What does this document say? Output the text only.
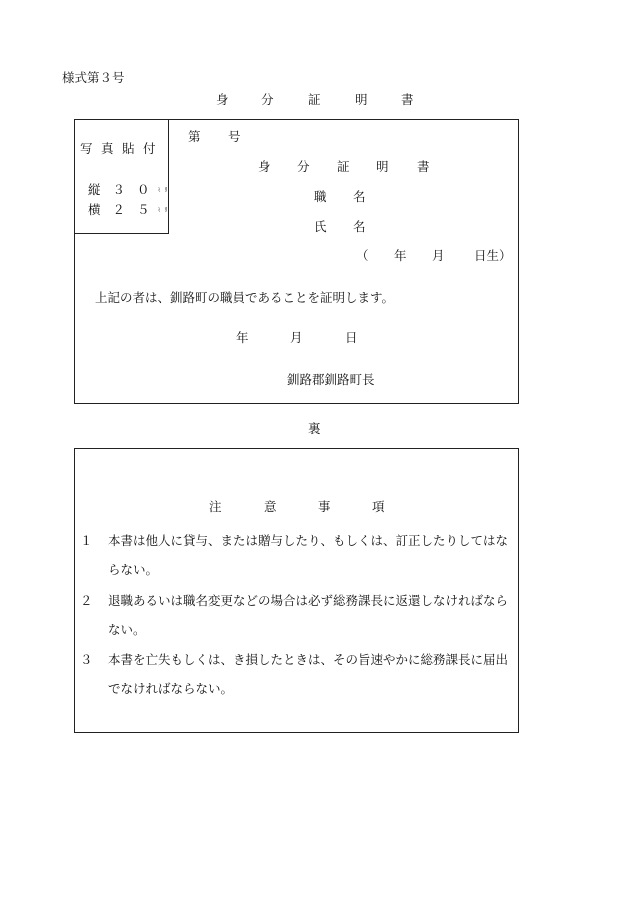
様式第３号
身	分	証	明	書
写 真 貼 付
縦 ３ ０ ﾐﾘ
横 ２ ５ ﾐﾘ
第 号
身 分 証 明 書
職 名
氏 名
（ 年 月 日生）
上記の者は、釧路町の職員であることを証明します。
年	月	日
釧路郡釧路町長
裏
注	意	事	項
１ 本書は他人に貸与、または贈与したり、もしくは、訂正したりしてはならない。
２ 退職あるいは職名変更などの場合は必ず総務課長に返還しなければならない。
３ 本書を亡失もしくは、き損したときは、その旨速やかに総務課長に届出でなければならない。
